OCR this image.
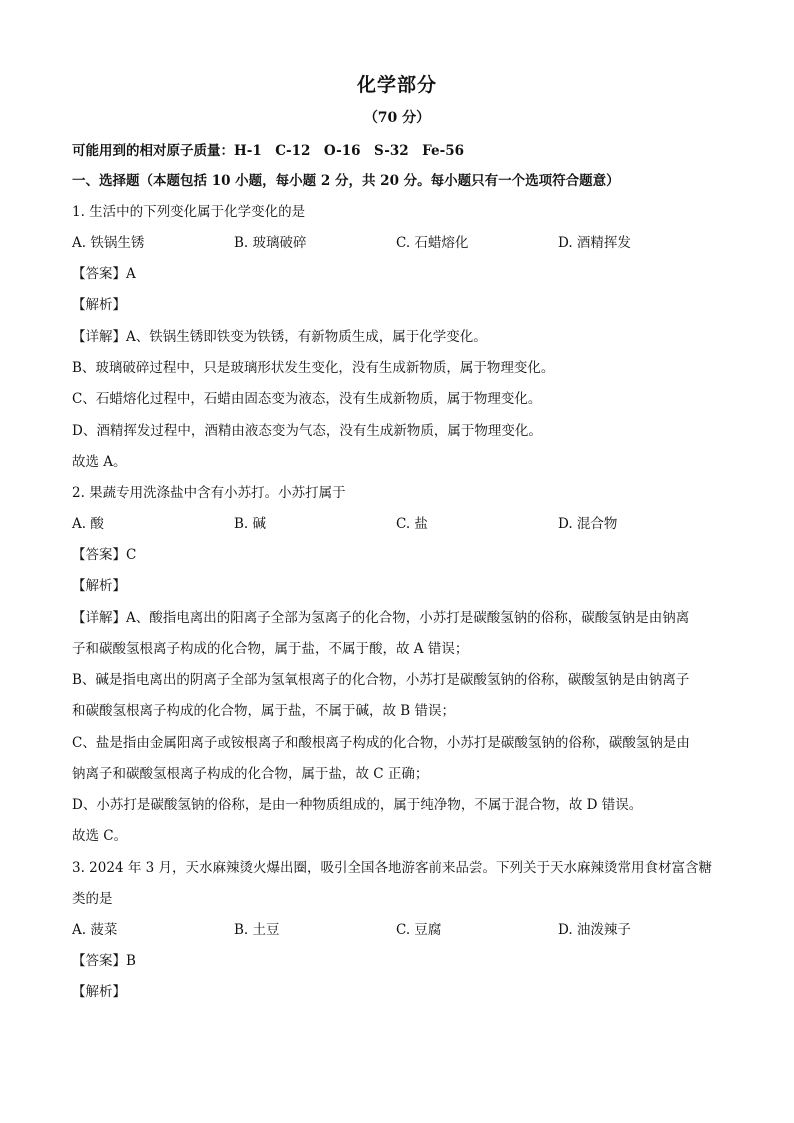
化学部分
（70 分）
可能用到的相对原子质量：H-1　C-12　O-16　S-32　Fe-56
一、选择题（本题包括 10 小题，每小题 2 分，共 20 分。每小题只有一个选项符合题意）
1. 生活中的下列变化属于化学变化的是
A. 铁锅生锈	B. 玻璃破碎	C. 石蜡熔化	D. 酒精挥发
【答案】A
【解析】
【详解】A、铁锅生锈即铁变为铁锈，有新物质生成，属于化学变化。
B、玻璃破碎过程中，只是玻璃形状发生变化，没有生成新物质，属于物理变化。
C、石蜡熔化过程中，石蜡由固态变为液态，没有生成新物质，属于物理变化。
D、酒精挥发过程中，酒精由液态变为气态，没有生成新物质，属于物理变化。
故选 A。
2. 果蔬专用洗涤盐中含有小苏打。小苏打属于
A. 酸	B. 碱	C. 盐	D. 混合物
【答案】C
【解析】
【详解】A、酸指电离出的阳离子全部为氢离子的化合物，小苏打是碳酸氢钠的俗称，碳酸氢钠是由钠离
子和碳酸氢根离子构成的化合物，属于盐，不属于酸，故 A 错误；
B、碱是指电离出的阴离子全部为氢氧根离子的化合物，小苏打是碳酸氢钠的俗称，碳酸氢钠是由钠离子
和碳酸氢根离子构成的化合物，属于盐，不属于碱，故 B 错误；
C、盐是指由金属阳离子或铵根离子和酸根离子构成的化合物，小苏打是碳酸氢钠的俗称，碳酸氢钠是由
钠离子和碳酸氢根离子构成的化合物，属于盐，故 C 正确；
D、小苏打是碳酸氢钠的俗称，是由一种物质组成的，属于纯净物，不属于混合物，故 D 错误。
故选 C。
3. 2024 年 3 月，天水麻辣烫火爆出圈，吸引全国各地游客前来品尝。下列关于天水麻辣烫常用食材富含糖
类的是
A. 菠菜	B. 土豆	C. 豆腐	D. 油泼辣子
【答案】B
【解析】
